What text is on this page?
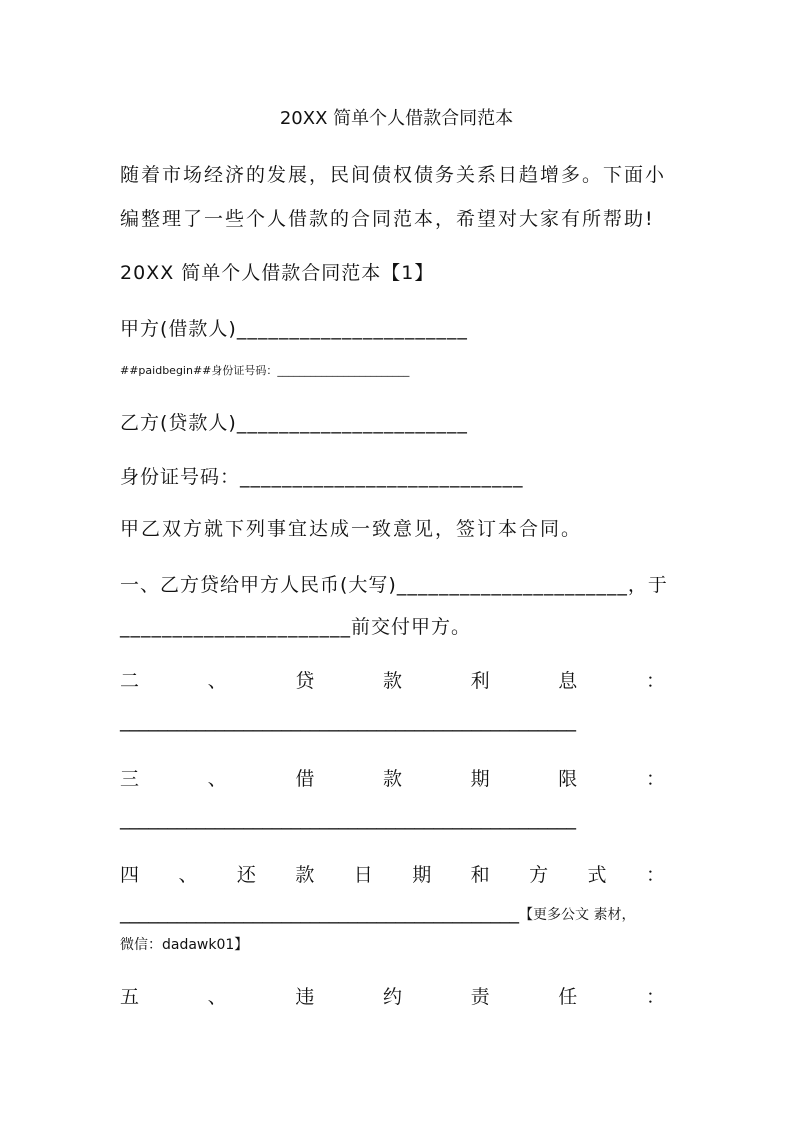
20XX 简单个人借款合同范本
随着市场经济的发展，民间债权债务关系日趋增多。下面小
编整理了一些个人借款的合同范本，希望对大家有所帮助!
20XX 简单个人借款合同范本【1】
甲方(借款人)______________________
##paidbegin##身份证号码：________________________
乙方(贷款人)______________________
身份证号码：___________________________
甲乙双方就下列事宜达成一致意见，签订本合同。
一、乙方贷给甲方人民币(大写)______________________，于
______________________前交付甲方。
二	、	贷	款	利	息	：
________________________________________________
三	、	借	款	期	限	：
________________________________________________
四 、 还 款 日 期 和 方 式 ：
__________________________________________【更多公文 素材，
微信：dadawk01】
五	、	违	约	责	任	：
